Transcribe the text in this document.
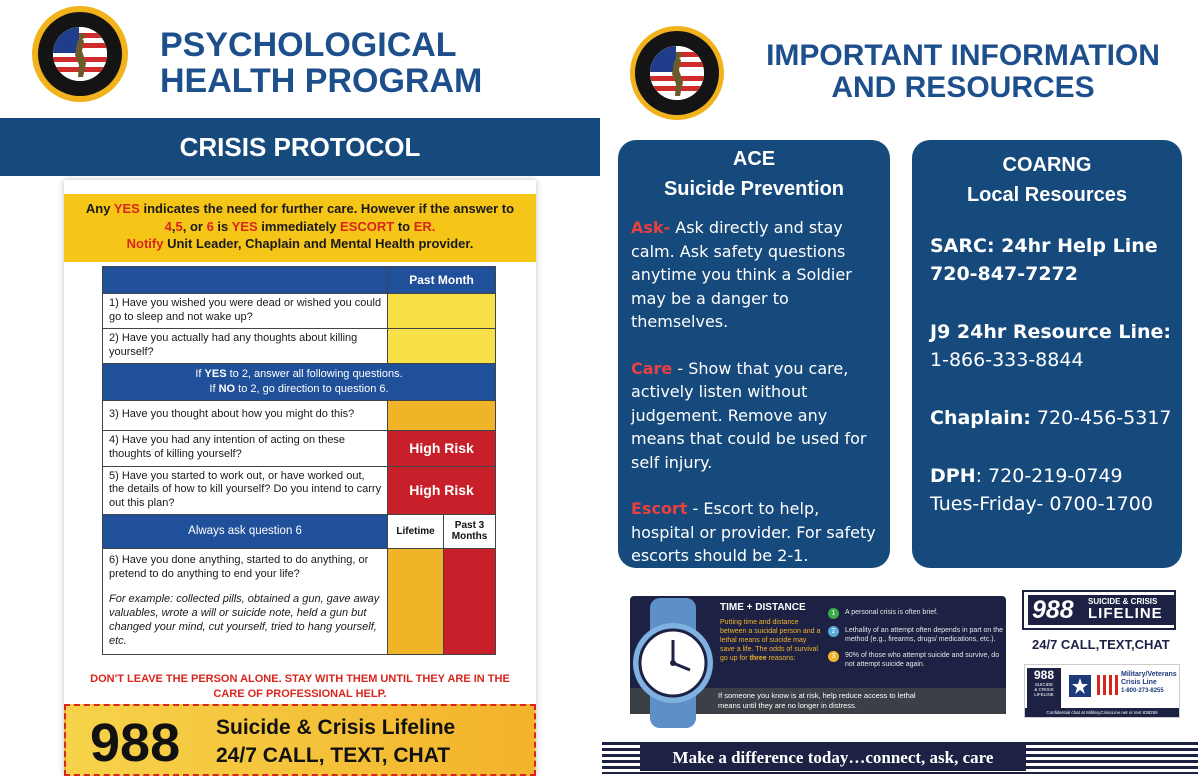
PSYCHOLOGICAL
HEALTH PROGRAM
CRISIS PROTOCOL
Any YES indicates the need for further care. However if the answer to 4,5, or 6 is YES immediately ESCORT to ER.
Notify Unit Leader, Chaplain and Mental Health provider.
	Past Month	
1) Have you wished you were dead or wished you could go to sleep and not wake up?		
2) Have you actually had any thoughts about killing yourself?		
If YES to 2, answer all following questions.
If NO to 2, go direction to question 6.		
3) Have you thought about how you might do this?		
4) Have you had any intention of acting on these thoughts of killing yourself?	High Risk	
5) Have you started to work out, or have worked out, the details of how to kill yourself? Do you intend to carry out this plan?	High Risk	
Always ask question 6	Lifetime	Past 3 Months

6) Have you done anything, started to do anything, or pretend to do anything to end your life?
For example: collected pills, obtained a gun, gave away valuables, wrote a will or suicide note, held a gun but changed your mind, cut yourself, tried to hang yourself, etc.		

DON'T LEAVE THE PERSON ALONE. STAY WITH THEM UNTIL THEY ARE IN THE CARE OF PROFESSIONAL HELP.
988 Suicide & Crisis Lifeline
24/7 CALL, TEXT, CHAT
IMPORTANT INFORMATION
AND RESOURCES
ACE
Suicide Prevention

Ask- Ask directly and stay calm. Ask safety questions anytime you think a Soldier may be a danger to themselves.

Care - Show that you care, actively listen without judgement. Remove any means that could be used for self injury.

Escort - Escort to help, hospital or provider. For safety escorts should be 2-1.

COARNG
Local Resources
SARC: 24hr Help Line
720-847-7272
J9 24hr Resource Line:
1-866-333-8844
Chaplain: 720-456-5317
DPH: 720-219-0749
Tues-Friday- 0700-1700
TIME + DISTANCE
Putting time and distance between a suicidal person and a lethal means of suicide may save a life. The odds of survival go up for three reasons:
1	A personal crisis is often brief.
2	Lethality of an attempt often depends in part on the method (e.g., firearms, drugs/ medications, etc.).
3	90% of those who attempt suicide and survive, do not attempt suicide again.
If someone you know is at risk, help reduce access to lethal means until they are no longer in distress.
988 SUICIDE & CRISIS
LIFELINE
24/7 CALL,TEXT,CHAT
988
SUICIDE
& CRISIS
LIFELINE
Military/Veterans
Crisis Line
1-800-273-8255
Confidential chat at MilitaryCrisisLine.net or text 838255
Make a difference today…connect, ask, care
